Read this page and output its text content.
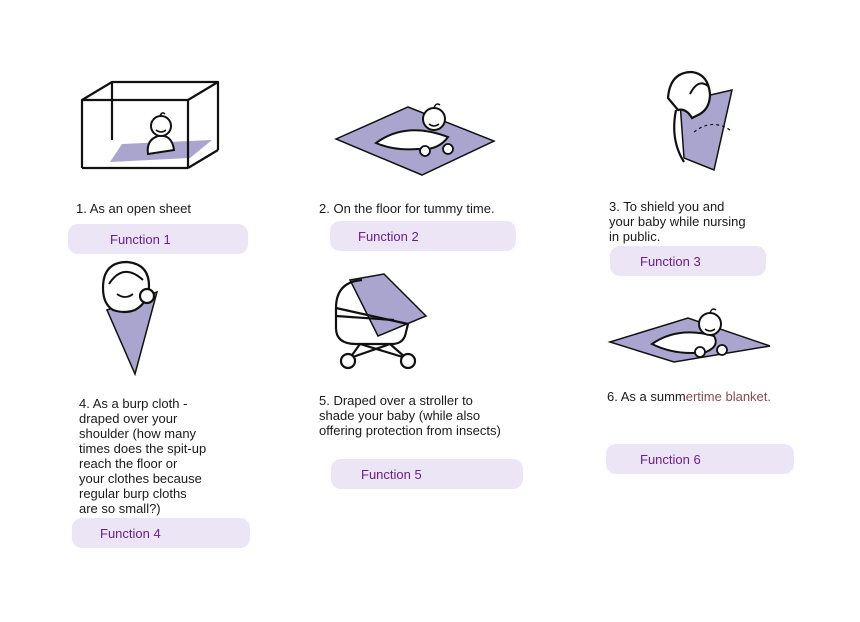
1. As an open sheet

Function 1

2. On the floor for tummy time.

Function 2

3. To shield you and
your baby while nursing
in public.

Function 3

4. As a burp cloth -
draped over your
shoulder (how many
times does the spit-up
reach the floor or
your clothes because
regular burp cloths
are so small?)

Function 4

5. Draped over a stroller to
shade your baby (while also
offering protection from insects)

Function 5

6. As a summertime blanket.

Function 6
